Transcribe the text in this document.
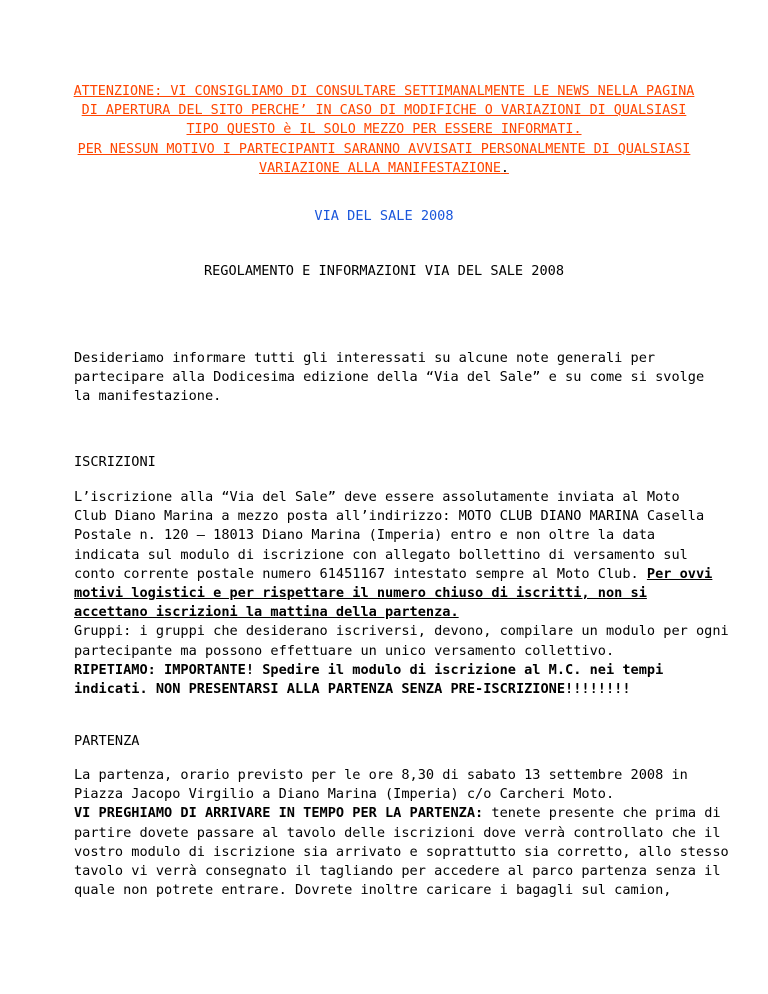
ATTENZIONE: VI CONSIGLIAMO DI CONSULTARE SETTIMANALMENTE LE NEWS NELLA PAGINA
DI APERTURA DEL SITO PERCHE’ IN CASO DI MODIFICHE O VARIAZIONI DI QUALSIASI
TIPO QUESTO è IL SOLO MEZZO PER ESSERE INFORMATI.
PER NESSUN MOTIVO I PARTECIPANTI SARANNO AVVISATI PERSONALMENTE DI QUALSIASI
VARIAZIONE ALLA MANIFESTAZIONE.
VIA DEL SALE 2008
REGOLAMENTO E INFORMAZIONI VIA DEL SALE 2008
Desideriamo informare tutti gli interessati su alcune note generali per
partecipare alla Dodicesima edizione della “Via del Sale” e su come si svolge
la manifestazione.
ISCRIZIONI
L’iscrizione alla “Via del Sale” deve essere assolutamente inviata al Moto
Club Diano Marina a mezzo posta all’indirizzo: MOTO CLUB DIANO MARINA Casella
Postale n. 120 – 18013 Diano Marina (Imperia) entro e non oltre la data
indicata sul modulo di iscrizione con allegato bollettino di versamento sul
conto corrente postale numero 61451167 intestato sempre al Moto Club. Per ovvi
motivi logistici e per rispettare il numero chiuso di iscritti, non si
accettano iscrizioni la mattina della partenza.
Gruppi: i gruppi che desiderano iscriversi, devono, compilare un modulo per ogni
partecipante ma possono effettuare un unico versamento collettivo.
RIPETIAMO: IMPORTANTE! Spedire il modulo di iscrizione al M.C. nei tempi
indicati. NON PRESENTARSI ALLA PARTENZA SENZA PRE-ISCRIZIONE!!!!!!!!
PARTENZA
La partenza, orario previsto per le ore 8,30 di sabato 13 settembre 2008 in
Piazza Jacopo Virgilio a Diano Marina (Imperia) c/o Carcheri Moto.
VI PREGHIAMO DI ARRIVARE IN TEMPO PER LA PARTENZA: tenete presente che prima di
partire dovete passare al tavolo delle iscrizioni dove verrà controllato che il
vostro modulo di iscrizione sia arrivato e soprattutto sia corretto, allo stesso
tavolo vi verrà consegnato il tagliando per accedere al parco partenza senza il
quale non potrete entrare. Dovrete inoltre caricare i bagagli sul camion,
